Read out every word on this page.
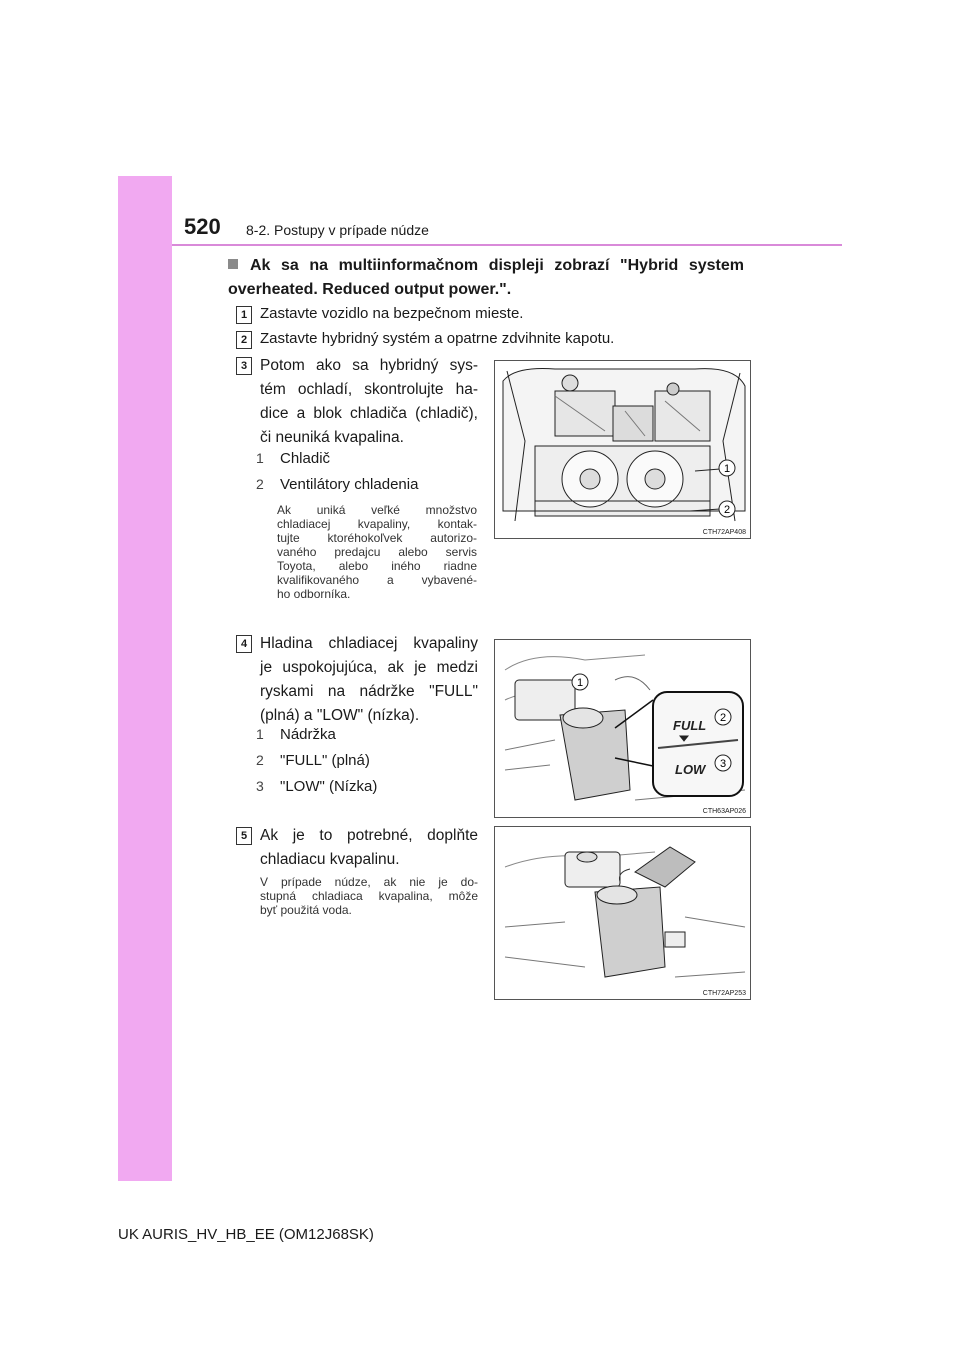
520 8-2. Postupy v prípade núdze
Ak sa na multiinformačnom displeji zobrazí "Hybrid system overheated. Reduced output power.".
1 Zastavte vozidlo na bezpečnom mieste.
2 Zastavte hybridný systém a opatrne zdvihnite kapotu.
3 Potom ako sa hybridný sys-
tém ochladí, skontrolujte ha-
dice a blok chladiča (chladič),
či neuniká kvapalina.
1 Chladič
2 Ventilátory chladenia
Ak uniká veľké množstvo
chladiacej kvapaliny, kontak-
tujte ktoréhokoľvek autorizo-
vaného predajcu alebo servis
Toyota, alebo iného riadne
kvalifikovaného a vybavené-
ho odborníka.
1
2
CTH72AP408
4 Hladina chladiacej kvapaliny
je uspokojujúca, ak je medzi
ryskami na nádržke "FULL"
(plná) a "LOW" (nízka).
1 Nádržka
2 "FULL" (plná)
3 "LOW" (Nízka)
FULL
LOW
1
2
3
CTH63AP026
5 Ak je to potrebné, doplňte
chladiacu kvapalinu.
V prípade núdze, ak nie je do-
stupná chladiaca kvapalina, môže
byť použitá voda.
CTH72AP253
UK AURIS_HV_HB_EE (OM12J68SK)
